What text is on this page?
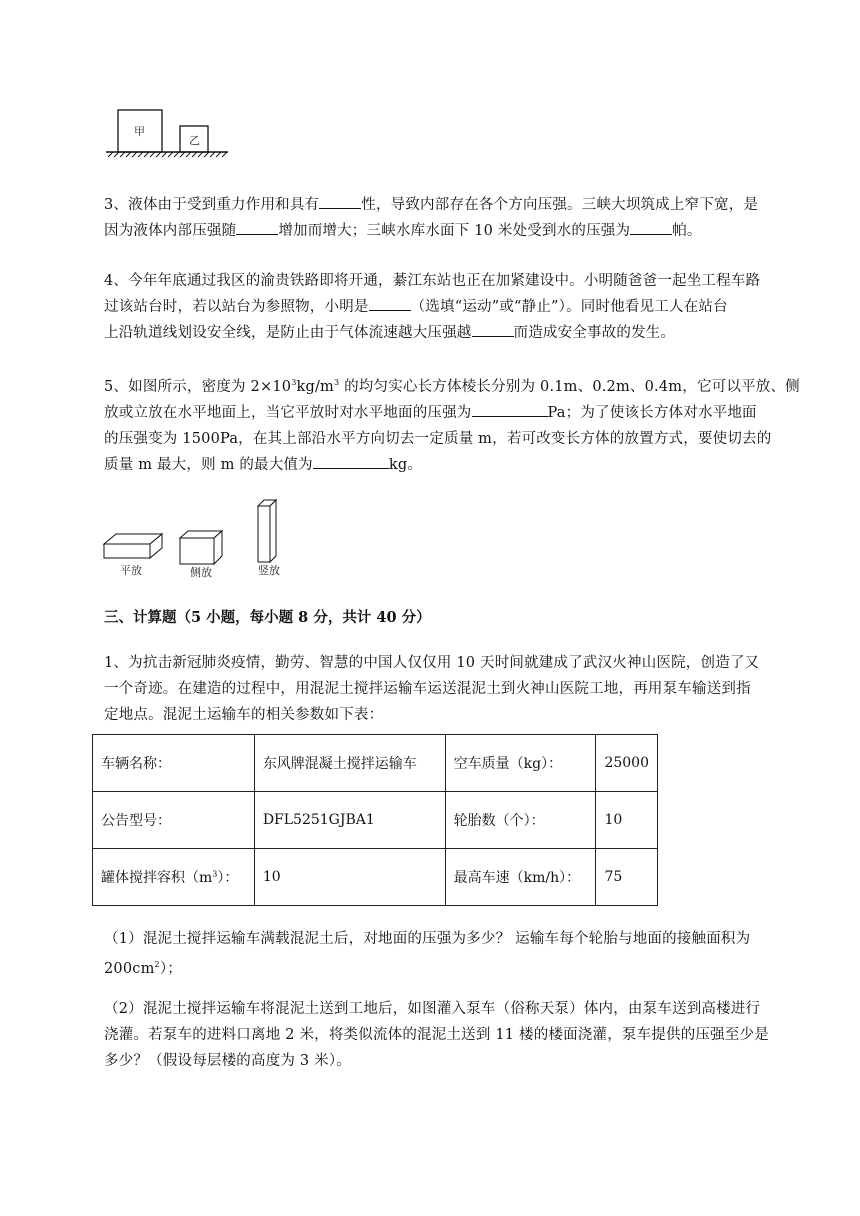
甲
乙
3、液体由于受到重力作用和具有	性，导致内部存在各个方向压强。三峡大坝筑成上窄下宽，是
因为液体内部压强随	增加而增大；三峡水库水面下 10 米处受到水的压强为	帕。
4、今年年底通过我区的渝贵铁路即将开通，綦江东站也正在加紧建设中。小明随爸爸一起坐工程车路
过该站台时，若以站台为参照物，小明是	（选填“运动”或“静止”）。同时他看见工人在站台
上沿轨道线划设安全线，是防止由于气体流速越大压强越	而造成安全事故的发生。
5、如图所示，密度为 $2\times 10^3kg/m^3$ 的均匀实心长方体棱长分别为 0.1m、0.2m、0.4m，它可以平放、侧
放或立放在水平地面上，当它平放时对水平地面的压强为	Pa；为了使该长方体对水平地面
的压强变为 1500Pa，在其上部沿水平方向切去一定质量 m，若可改变长方体的放置方式，要使切去的
质量 m 最大，则 m 的最大值为	kg。
平放	侧放	竖放
三、计算题（5 小题，每小题 8 分，共计 40 分）
1、为抗击新冠肺炎疫情，勤劳、智慧的中国人仅仅用 10 天时间就建成了武汉火神山医院，创造了又
一个奇迹。在建造的过程中，用混泥土搅拌运输车运送混泥土到火神山医院工地，再用泵车输送到指
定地点。混泥土运输车的相关参数如下表：
车辆名称：	东风牌混凝土搅拌运输车	空车质量（kg）：	25000
公告型号：	DFL5251GJBA1	轮胎数（个）：	10
罐体搅拌容积$(m^3)$：	10	最高车速（km/h）：	75
（1）混泥土搅拌运输车满载混泥土后，对地面的压强为多少？ 运输车每个轮胎与地面的接触面积为
$200cm^2$）；
（2）混泥土搅拌运输车将混泥土送到工地后，如图灌入泵车（俗称天泵）体内，由泵车送到高楼进行
浇灌。若泵车的进料口离地 2 米，将类似流体的混泥土送到 11 楼的楼面浇灌，泵车提供的压强至少是
多少？（假设每层楼的高度为 3 米）。
